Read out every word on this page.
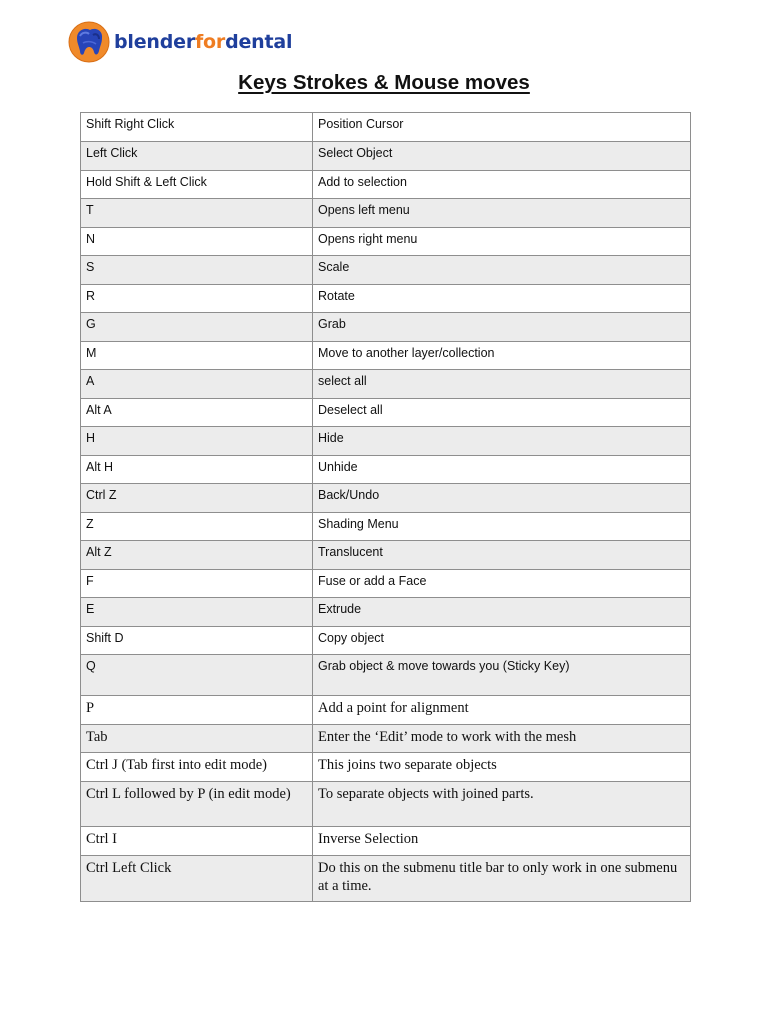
blenderfordental
Keys Strokes & Mouse moves
Shift Right Click	Position Cursor
Left Click	Select Object
Hold Shift & Left Click	Add to selection
T	Opens left menu
N	Opens right menu
S	Scale
R	Rotate
G	Grab
M	Move to another layer/collection
A	select all
Alt A	Deselect all
H	Hide
Alt H	Unhide
Ctrl Z	Back/Undo
Z	Shading Menu
Alt Z	Translucent
F	Fuse or add a Face
E	Extrude
Shift D	Copy object
Q	Grab object & move towards you (Sticky Key)
P	Add a point for alignment
Tab	Enter the ‘Edit’ mode to work with the mesh
Ctrl J (Tab first into edit mode)	This joins two separate objects
Ctrl L followed by P (in edit mode)	To separate objects with joined parts.
Ctrl I	Inverse Selection
Ctrl Left Click	Do this on the submenu title bar to only work in one submenu at a time.
